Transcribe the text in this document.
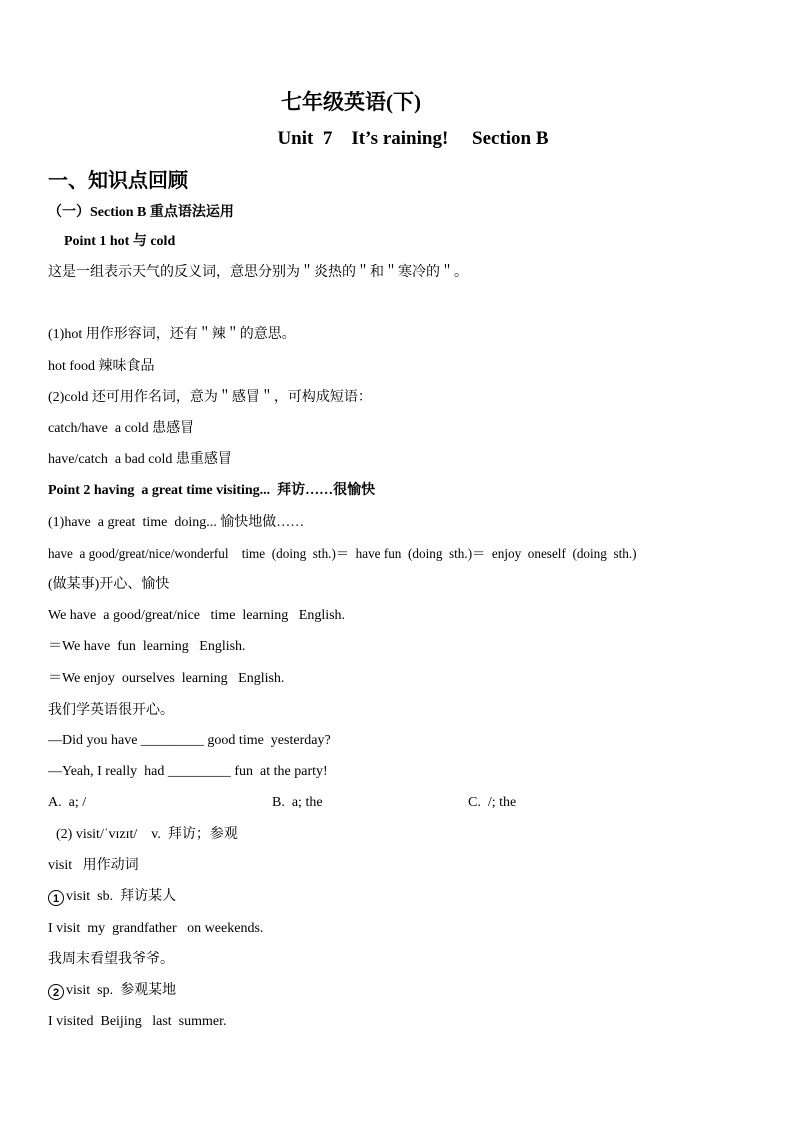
七年级英语(下)
Unit  7    It’s raining!     Section B
一、知识点回顾
（一）Section B 重点语法运用
Point 1 hot 与 cold
这是一组表示天气的反义词，意思分别为＂炎热的＂和＂寒冷的＂。
(1)hot 用作形容词，还有＂辣＂的意思。
hot food 辣味食品
(2)cold 还可用作名词，意为＂感冒＂，可构成短语：
catch/have  a cold 患感冒
have/catch  a bad cold 患重感冒
Point 2 having  a great time visiting...  拜访……很愉快
(1)have  a great  time  doing... 愉快地做……
have  a good/great/nice/wonderful    time  (doing  sth.)＝  have fun  (doing  sth.)＝  enjoy  oneself  (doing  sth.)
(做某事)开心、愉快
We have  a good/great/nice   time  learning   English.
＝We have  fun  learning   English.
＝We enjoy  ourselves  learning   English.
我们学英语很开心。
—Did you have _________ good time  yesterday?
—Yeah, I really  had _________ fun  at the party!
A.  a; /	B.  a; the	C.  /; the
(2) visit/ˈvɪzɪt/    v.  拜访；参观
visit   用作动词
1 visit  sb.  拜访某人
I visit  my  grandfather   on weekends.
我周末看望我爷爷。
2 visit  sp.  参观某地
I visited  Beijing   last  summer.
